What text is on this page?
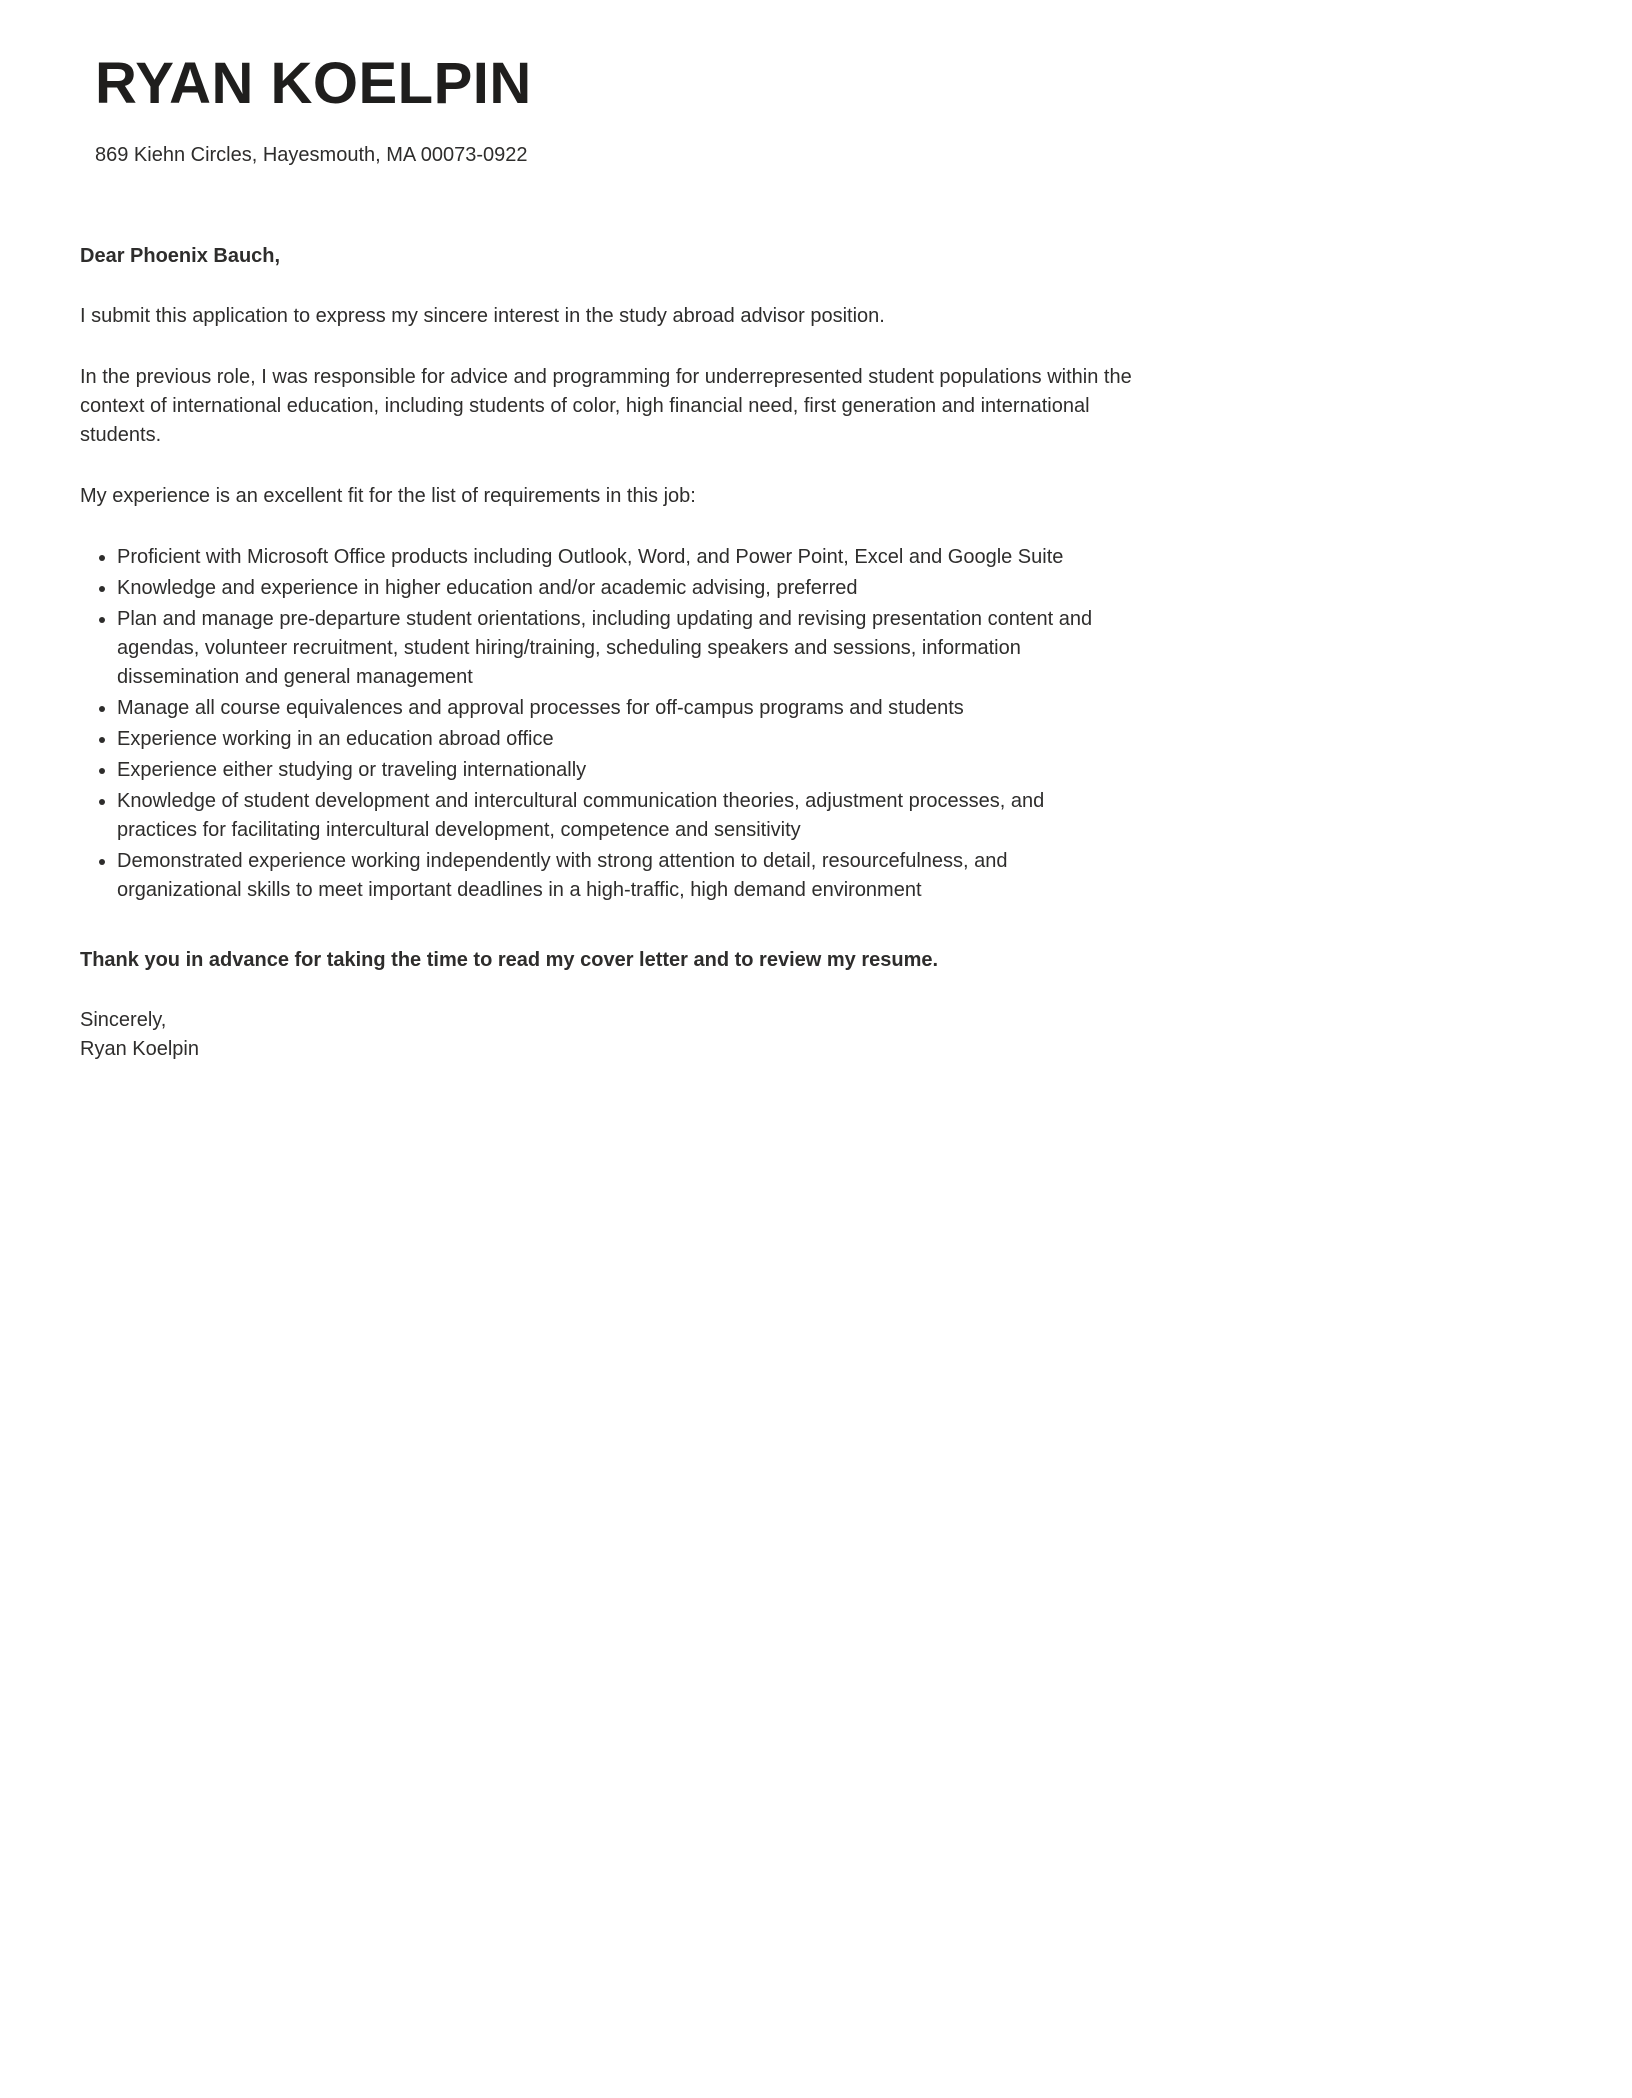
RYAN KOELPIN
869 Kiehn Circles, Hayesmouth, MA 00073-0922
Dear Phoenix Bauch,

I submit this application to express my sincere interest in the study abroad advisor position.

In the previous role, I was responsible for advice and programming for underrepresented student populations within the context of international education, including students of color, high financial need, first generation and international students.

My experience is an excellent fit for the list of requirements in this job:

• Proficient with Microsoft Office products including Outlook, Word, and Power Point, Excel and Google Suite
• Knowledge and experience in higher education and/or academic advising, preferred
• Plan and manage pre-departure student orientations, including updating and revising presentation content and agendas, volunteer recruitment, student hiring/training, scheduling speakers and sessions, information dissemination and general management
• Manage all course equivalences and approval processes for off-campus programs and students
• Experience working in an education abroad office
• Experience either studying or traveling internationally
• Knowledge of student development and intercultural communication theories, adjustment processes, and practices for facilitating intercultural development, competence and sensitivity
• Demonstrated experience working independently with strong attention to detail, resourcefulness, and organizational skills to meet important deadlines in a high-traffic, high demand environment
Thank you in advance for taking the time to read my cover letter and to review my resume.
Sincerely,
Ryan Koelpin
